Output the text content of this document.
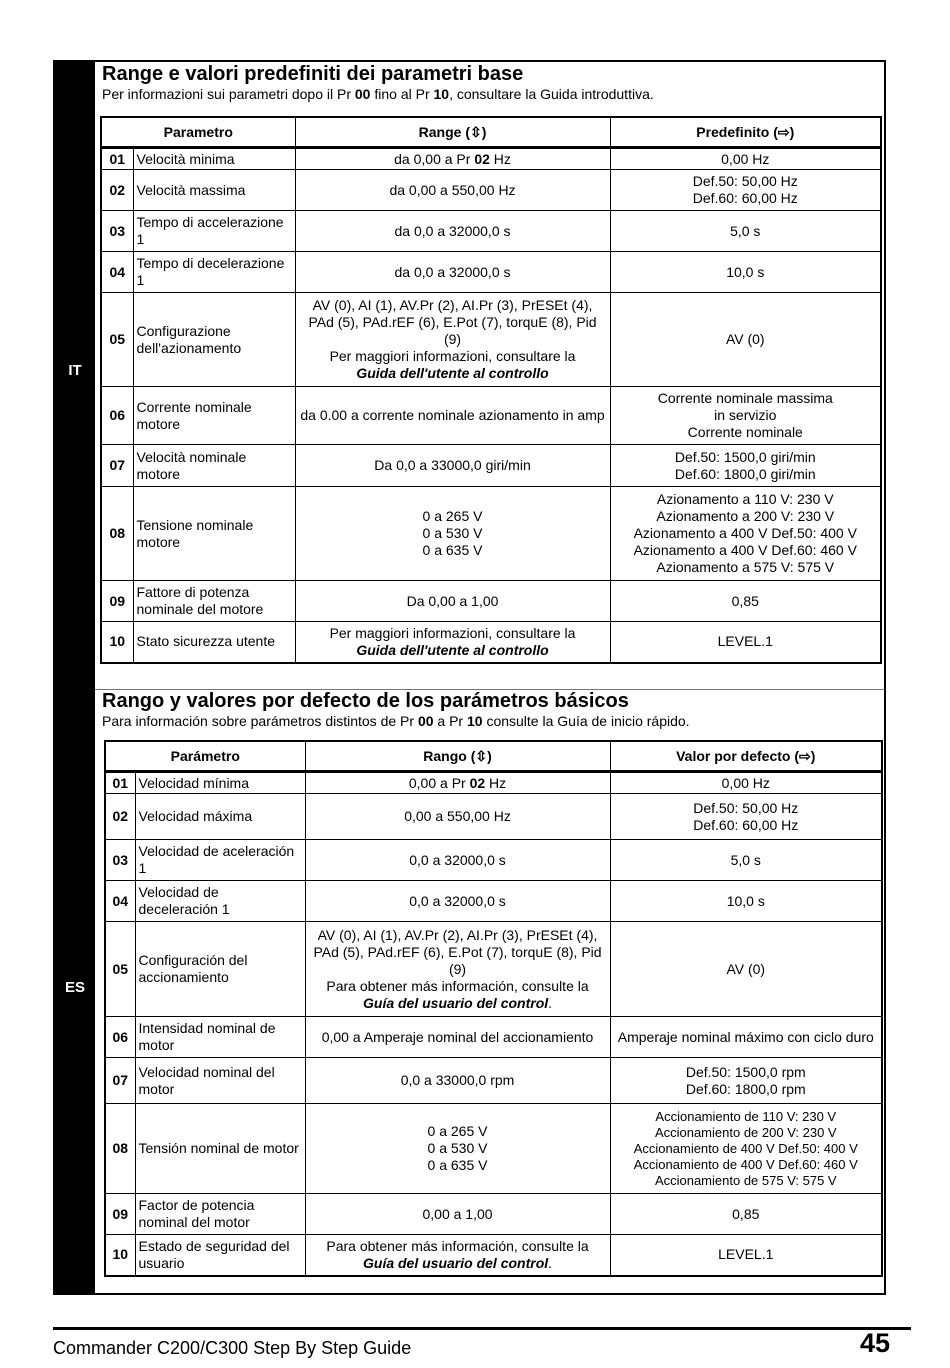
IT
ES
Range e valori predefiniti dei parametri base

Per informazioni sui parametri dopo il Pr 00 fino al Pr 10, consultare la Guida introduttiva.

Parametro		Range (⇳)	Predefinito (⇨)
01	Velocità minima	da 0,00 a Pr 02 Hz	0,00 Hz
02	Velocità massima	da 0,00 a 550,00 Hz	Def.50: 50,00 Hz
Def.60: 60,00 Hz
03	Tempo di accelerazione 1	da 0,0 a 32000,0 s	5,0 s
04	Tempo di decelerazione 1	da 0,0 a 32000,0 s	10,0 s
05	Configurazione dell'azionamento	AV (0), AI (1), AV.Pr (2), AI.Pr (3), PrESEt (4), PAd (5), PAd.rEF (6), E.Pot (7), torquE (8), Pid (9)
Per maggiori informazioni, consultare la
Guida dell'utente al controllo	AV (0)
06	Corrente nominale motore	da 0.00 a corrente nominale azionamento in amp	Corrente nominale massima
in servizio
Corrente nominale
07	Velocità nominale motore	Da 0,0 a 33000,0 giri/min	Def.50: 1500,0 giri/min
Def.60: 1800,0 giri/min
08	Tensione nominale motore	0 a 265 V
0 a 530 V
0 a 635 V	Azionamento a 110 V: 230 V
Azionamento a 200 V: 230 V
Azionamento a 400 V Def.50: 400 V
Azionamento a 400 V Def.60: 460 V
Azionamento a 575 V: 575 V
09	Fattore di potenza nominale del motore	Da 0,00 a 1,00	0,85
10	Stato sicurezza utente	Per maggiori informazioni, consultare la
Guida dell'utente al controllo	LEVEL.1
Rango y valores por defecto de los parámetros básicos

Para información sobre parámetros distintos de Pr 00 a Pr 10 consulte la Guía de inicio rápido.

Parámetro		Rango (⇳)	Valor por defecto (⇨)
01	Velocidad mínima	0,00 a Pr 02 Hz	0,00 Hz
02	Velocidad máxima	0,00 a 550,00 Hz	Def.50: 50,00 Hz
Def.60: 60,00 Hz
03	Velocidad de aceleración 1	0,0 a 32000,0 s	5,0 s
04	Velocidad de deceleración 1	0,0 a 32000,0 s	10,0 s
05	Configuración del accionamiento	AV (0), AI (1), AV.Pr (2), AI.Pr (3), PrESEt (4), PAd (5), PAd.rEF (6), E.Pot (7), torquE (8), Pid (9)
Para obtener más información, consulte la
Guía del usuario del control.	AV (0)
06	Intensidad nominal de motor	0,00 a Amperaje nominal del accionamiento	Amperaje nominal máximo con ciclo duro
07	Velocidad nominal del motor	0,0 a 33000,0 rpm	Def.50: 1500,0 rpm
Def.60: 1800,0 rpm
08	Tensión nominal de motor	0 a 265 V
0 a 530 V
0 a 635 V	Accionamiento de 110 V: 230 V
Accionamiento de 200 V: 230 V
Accionamiento de 400 V Def.50: 400 V
Accionamiento de 400 V Def.60: 460 V
Accionamiento de 575 V: 575 V
09	Factor de potencia nominal del motor	0,00 a 1,00	0,85
10	Estado de seguridad del usuario	Para obtener más información, consulte la
Guía del usuario del control.	LEVEL.1
Commander C200/C300 Step By Step Guide	45
